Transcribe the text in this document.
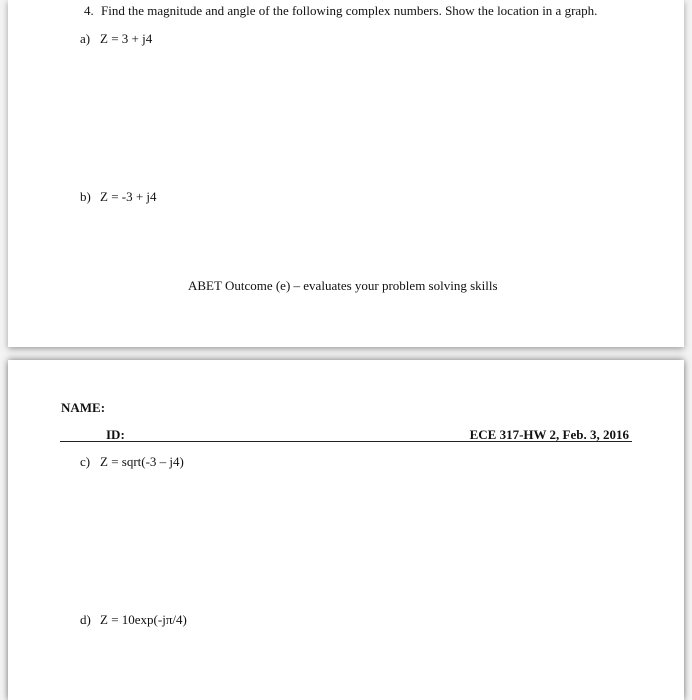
4. Find the magnitude and angle of the following complex numbers. Show the location in a graph.
a) Z = 3 + j4
b) Z = -3 + j4
ABET Outcome (e) – evaluates your problem solving skills
NAME:
ID:	ECE 317-HW 2, Feb. 3, 2016
c) Z = sqrt(-3 – j4)
d) Z = 10exp(-jπ/4)
